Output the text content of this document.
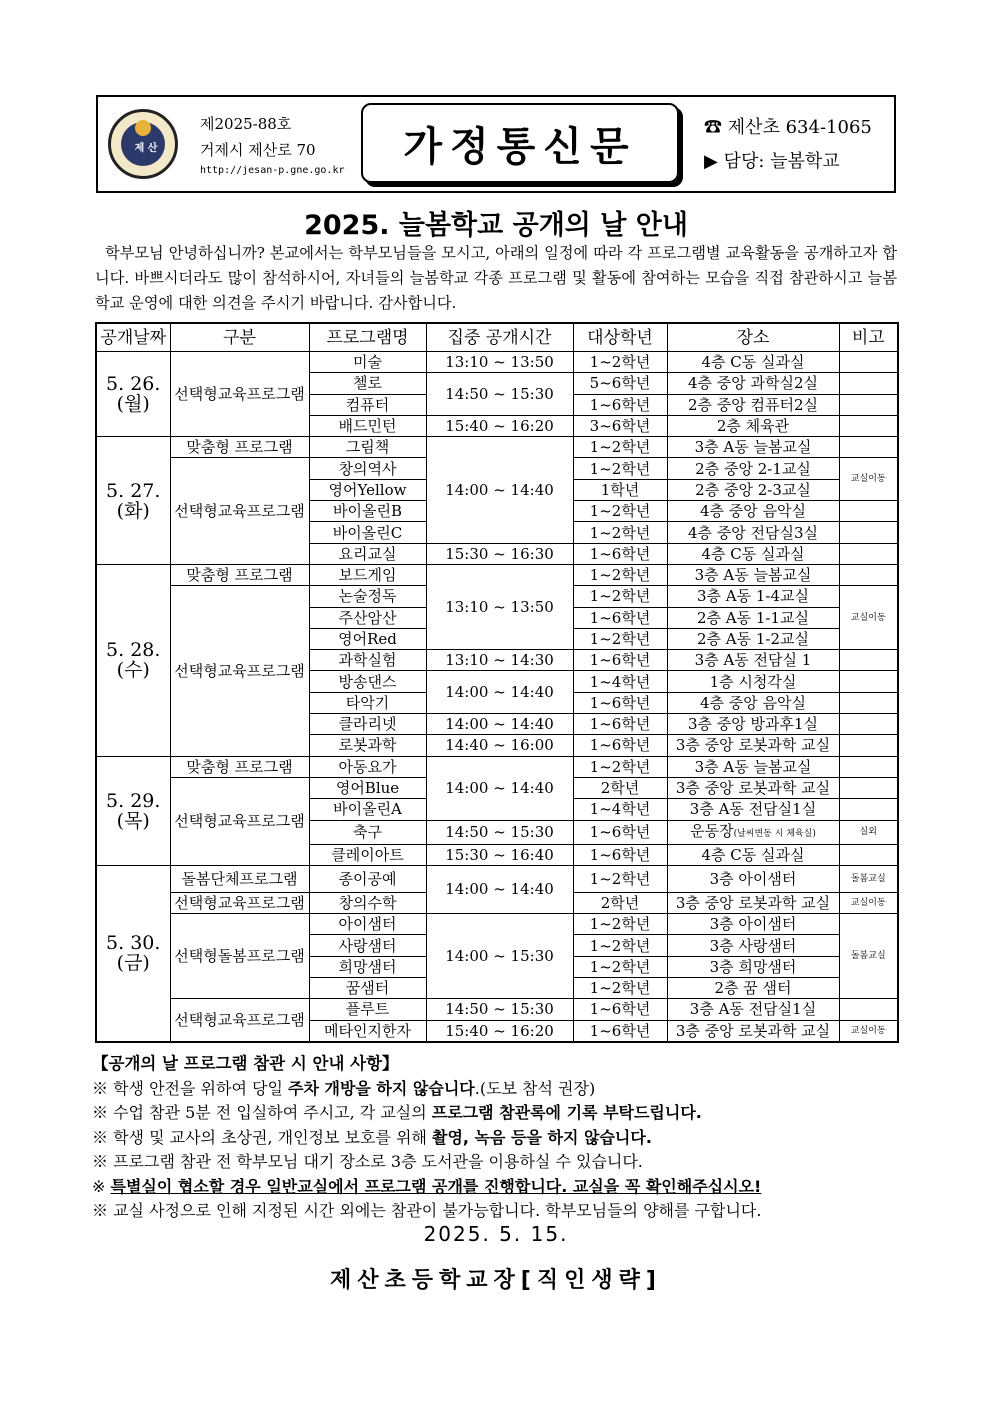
제 산
제2025-88호
거제시 제산로 70
http://jesan-p.gne.go.kr
가정통신문	☎ 제산초 634-1065
▶ 담당: 늘봄학교
2025. 늘봄학교 공개의 날 안내
학부모님 안녕하십니까? 본교에서는 학부모님들을 모시고, 아래의 일정에 따라 각 프로그램별 교육활동을 공개하고자 합니다. 바쁘시더라도 많이 참석하시어, 자녀들의 늘봄학교 각종 프로그램 및 활동에 참여하는 모습을 직접 참관하시고 늘봄학교 운영에 대한 의견을 주시기 바랍니다. 감사합니다.
공개날짜	구분	프로그램명	집중 공개시간	대상학년	장소	비고
5. 26.
(월)	선택형교육프로그램	미술	13:10 ~ 13:50	1~2학년	4층 C동 실과실	
		첼로	14:50 ~ 15:30	5~6학년	4층 중앙 과학실2실	
		컴퓨터		1~6학년	2층 중앙 컴퓨터2실	
		배드민턴	15:40 ~ 16:20	3~6학년	2층 체육관	
5. 27.
(화)	맞춤형 프로그램	그림책	14:00 ~ 14:40	1~2학년	3층 A동 늘봄교실	
	선택형교육프로그램	창의역사		1~2학년	2층 중앙 2-1교실	교실이동
		영어Yellow		1학년	2층 중앙 2-3교실	
		바이올린B		1~2학년	4층 중앙 음악실	
		바이올린C		1~2학년	4층 중앙 전담실3실	
		요리교실	15:30 ~ 16:30	1~6학년	4층 C동 실과실	
5. 28.
(수)	맞춤형 프로그램	보드게임	13:10 ~ 13:50	1~2학년	3층 A동 늘봄교실	
	선택형교육프로그램	논술정독		1~2학년	3층 A동 1-4교실	교실이동
		주산암산		1~6학년	2층 A동 1-1교실	
		영어Red		1~2학년	2층 A동 1-2교실	
		과학실험	13:10 ~ 14:30	1~6학년	3층 A동 전담실 1	
		방송댄스	14:00 ~ 14:40	1~4학년	1층 시청각실	
		타악기		1~6학년	4층 중앙 음악실	
		클라리넷	14:00 ~ 14:40	1~6학년	3층 중앙 방과후1실	
		로봇과학	14:40 ~ 16:00	1~6학년	3층 중앙 로봇과학 교실	
5. 29.
(목)	맞춤형 프로그램	아동요가	14:00 ~ 14:40	1~2학년	3층 A동 늘봄교실	
	선택형교육프로그램	영어Blue		2학년	3층 중앙 로봇과학 교실	
		바이올린A		1~4학년	3층 A동 전담실1실	
		축구	14:50 ~ 15:30	1~6학년	운동장(날씨변동 시 체육실)	실외
		클레이아트	15:30 ~ 16:40	1~6학년	4층 C동 실과실	
5. 30.
(금)	돌봄단체프로그램	종이공예	14:00 ~ 14:40	1~2학년	3층 아이샘터	돌봄교실
	선택형교육프로그램	창의수학		2학년	3층 중앙 로봇과학 교실	교실이동
	선택형돌봄프로그램	아이샘터	14:00 ~ 15:30	1~2학년	3층 아이샘터	돌봄교실
		사랑샘터		1~2학년	3층 사랑샘터	
		희망샘터		1~2학년	3층 희망샘터	
		꿈샘터		1~2학년	2층 꿈 샘터	
	선택형교육프로그램	플루트	14:50 ~ 15:30	1~6학년	3층 A동 전담실1실	
		메타인지한자	15:40 ~ 16:20	1~6학년	3층 중앙 로봇과학 교실	교실이동
【공개의 날 프로그램 참관 시 안내 사항】
※ 학생 안전을 위하여 당일 주차 개방을 하지 않습니다.(도보 참석 권장)
※ 수업 참관 5분 전 입실하여 주시고, 각 교실의 프로그램 참관록에 기록 부탁드립니다.
※ 학생 및 교사의 초상권, 개인정보 보호를 위해 촬영, 녹음 등을 하지 않습니다.
※ 프로그램 참관 전 학부모님 대기 장소로 3층 도서관을 이용하실 수 있습니다.
※ 특별실이 협소할 경우 일반교실에서 프로그램 공개를 진행합니다. 교실을 꼭 확인해주십시오!
※ 교실 사정으로 인해 지정된 시간 외에는 참관이 불가능합니다. 학부모님들의 양해를 구합니다.
2025. 5. 15.
제산초등학교장[직인생략]
